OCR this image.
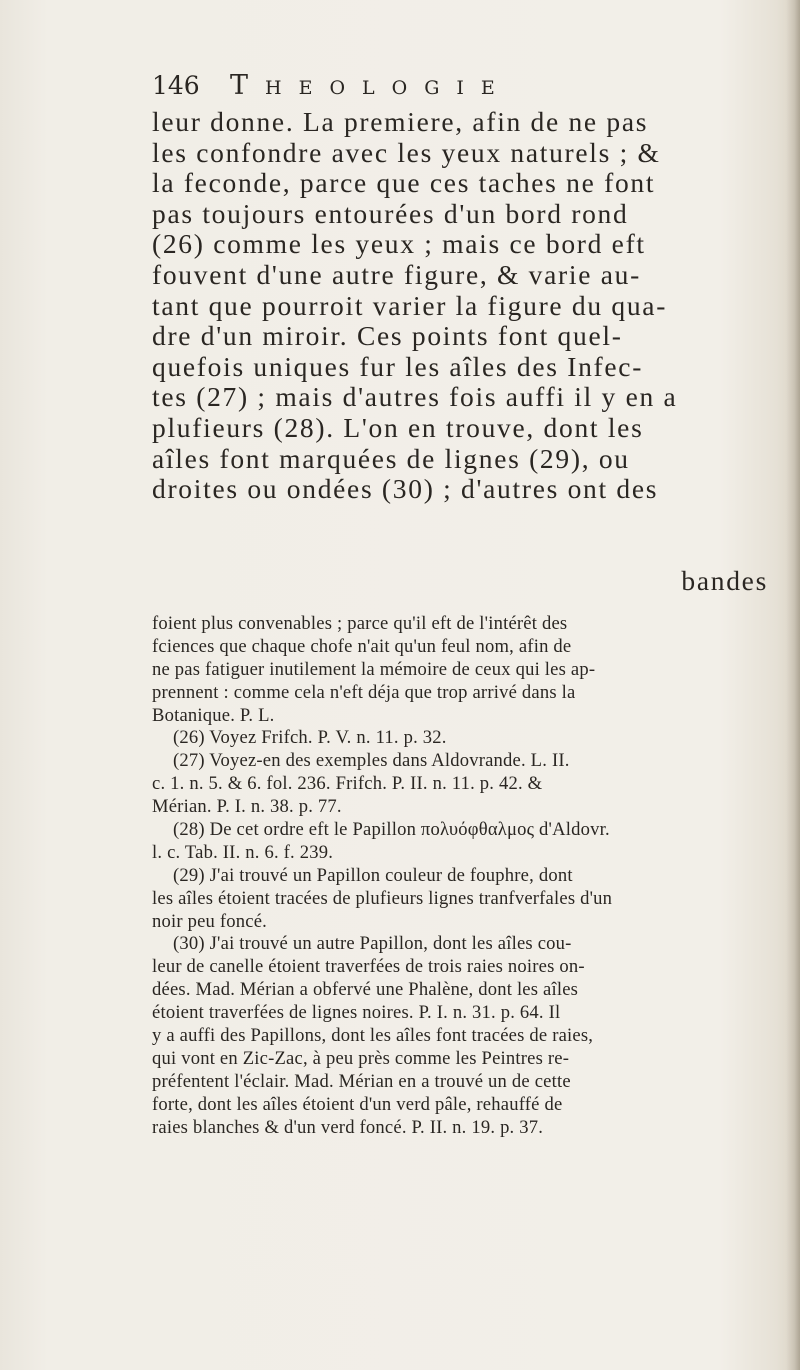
146	Theologie
leur donne. La premiere, afin de ne pas
les confondre avec les yeux naturels ; &
la feconde, parce que ces taches ne font
pas toujours entourées d'un bord rond
(26) comme les yeux ; mais ce bord eft
fouvent d'une autre figure, & varie au-
tant que pourroit varier la figure du qua-
dre d'un miroir. Ces points font quel-
quefois uniques fur les aîles des Infec-
tes (27) ; mais d'autres fois auffi il y en a
plufieurs (28). L'on en trouve, dont les
aîles font marquées de lignes (29), ou
droites ou ondées (30) ; d'autres ont des
bandes
foient plus convenables ; parce qu'il eft de l'intérêt des
fciences que chaque chofe n'ait qu'un feul nom, afin de
ne pas fatiguer inutilement la mémoire de ceux qui les ap-
prennent : comme cela n'eft déja que trop arrivé dans la
Botanique. P. L.
(26) Voyez Frifch. P. V. n. 11. p. 32.
(27) Voyez-en des exemples dans Aldovrande. L. II.
c. 1. n. 5. & 6. fol. 236. Frifch. P. II. n. 11. p. 42. &
Mérian. P. I. n. 38. p. 77.
(28) De cet ordre eft le Papillon πολυόφθαλμος d'Aldovr.
l. c. Tab. II. n. 6. f. 239.
(29) J'ai trouvé un Papillon couleur de fouphre, dont
les aîles étoient tracées de plufieurs lignes tranfverfales d'un
noir peu foncé.
(30) J'ai trouvé un autre Papillon, dont les aîles cou-
leur de canelle étoient traverfées de trois raies noires on-
dées. Mad. Mérian a obfervé une Phalène, dont les aîles
étoient traverfées de lignes noires. P. I. n. 31. p. 64. Il
y a auffi des Papillons, dont les aîles font tracées de raies,
qui vont en Zic-Zac, à peu près comme les Peintres re-
préfentent l'éclair. Mad. Mérian en a trouvé un de cette
forte, dont les aîles étoient d'un verd pâle, rehauffé de
raies blanches & d'un verd foncé. P. II. n. 19. p. 37.
